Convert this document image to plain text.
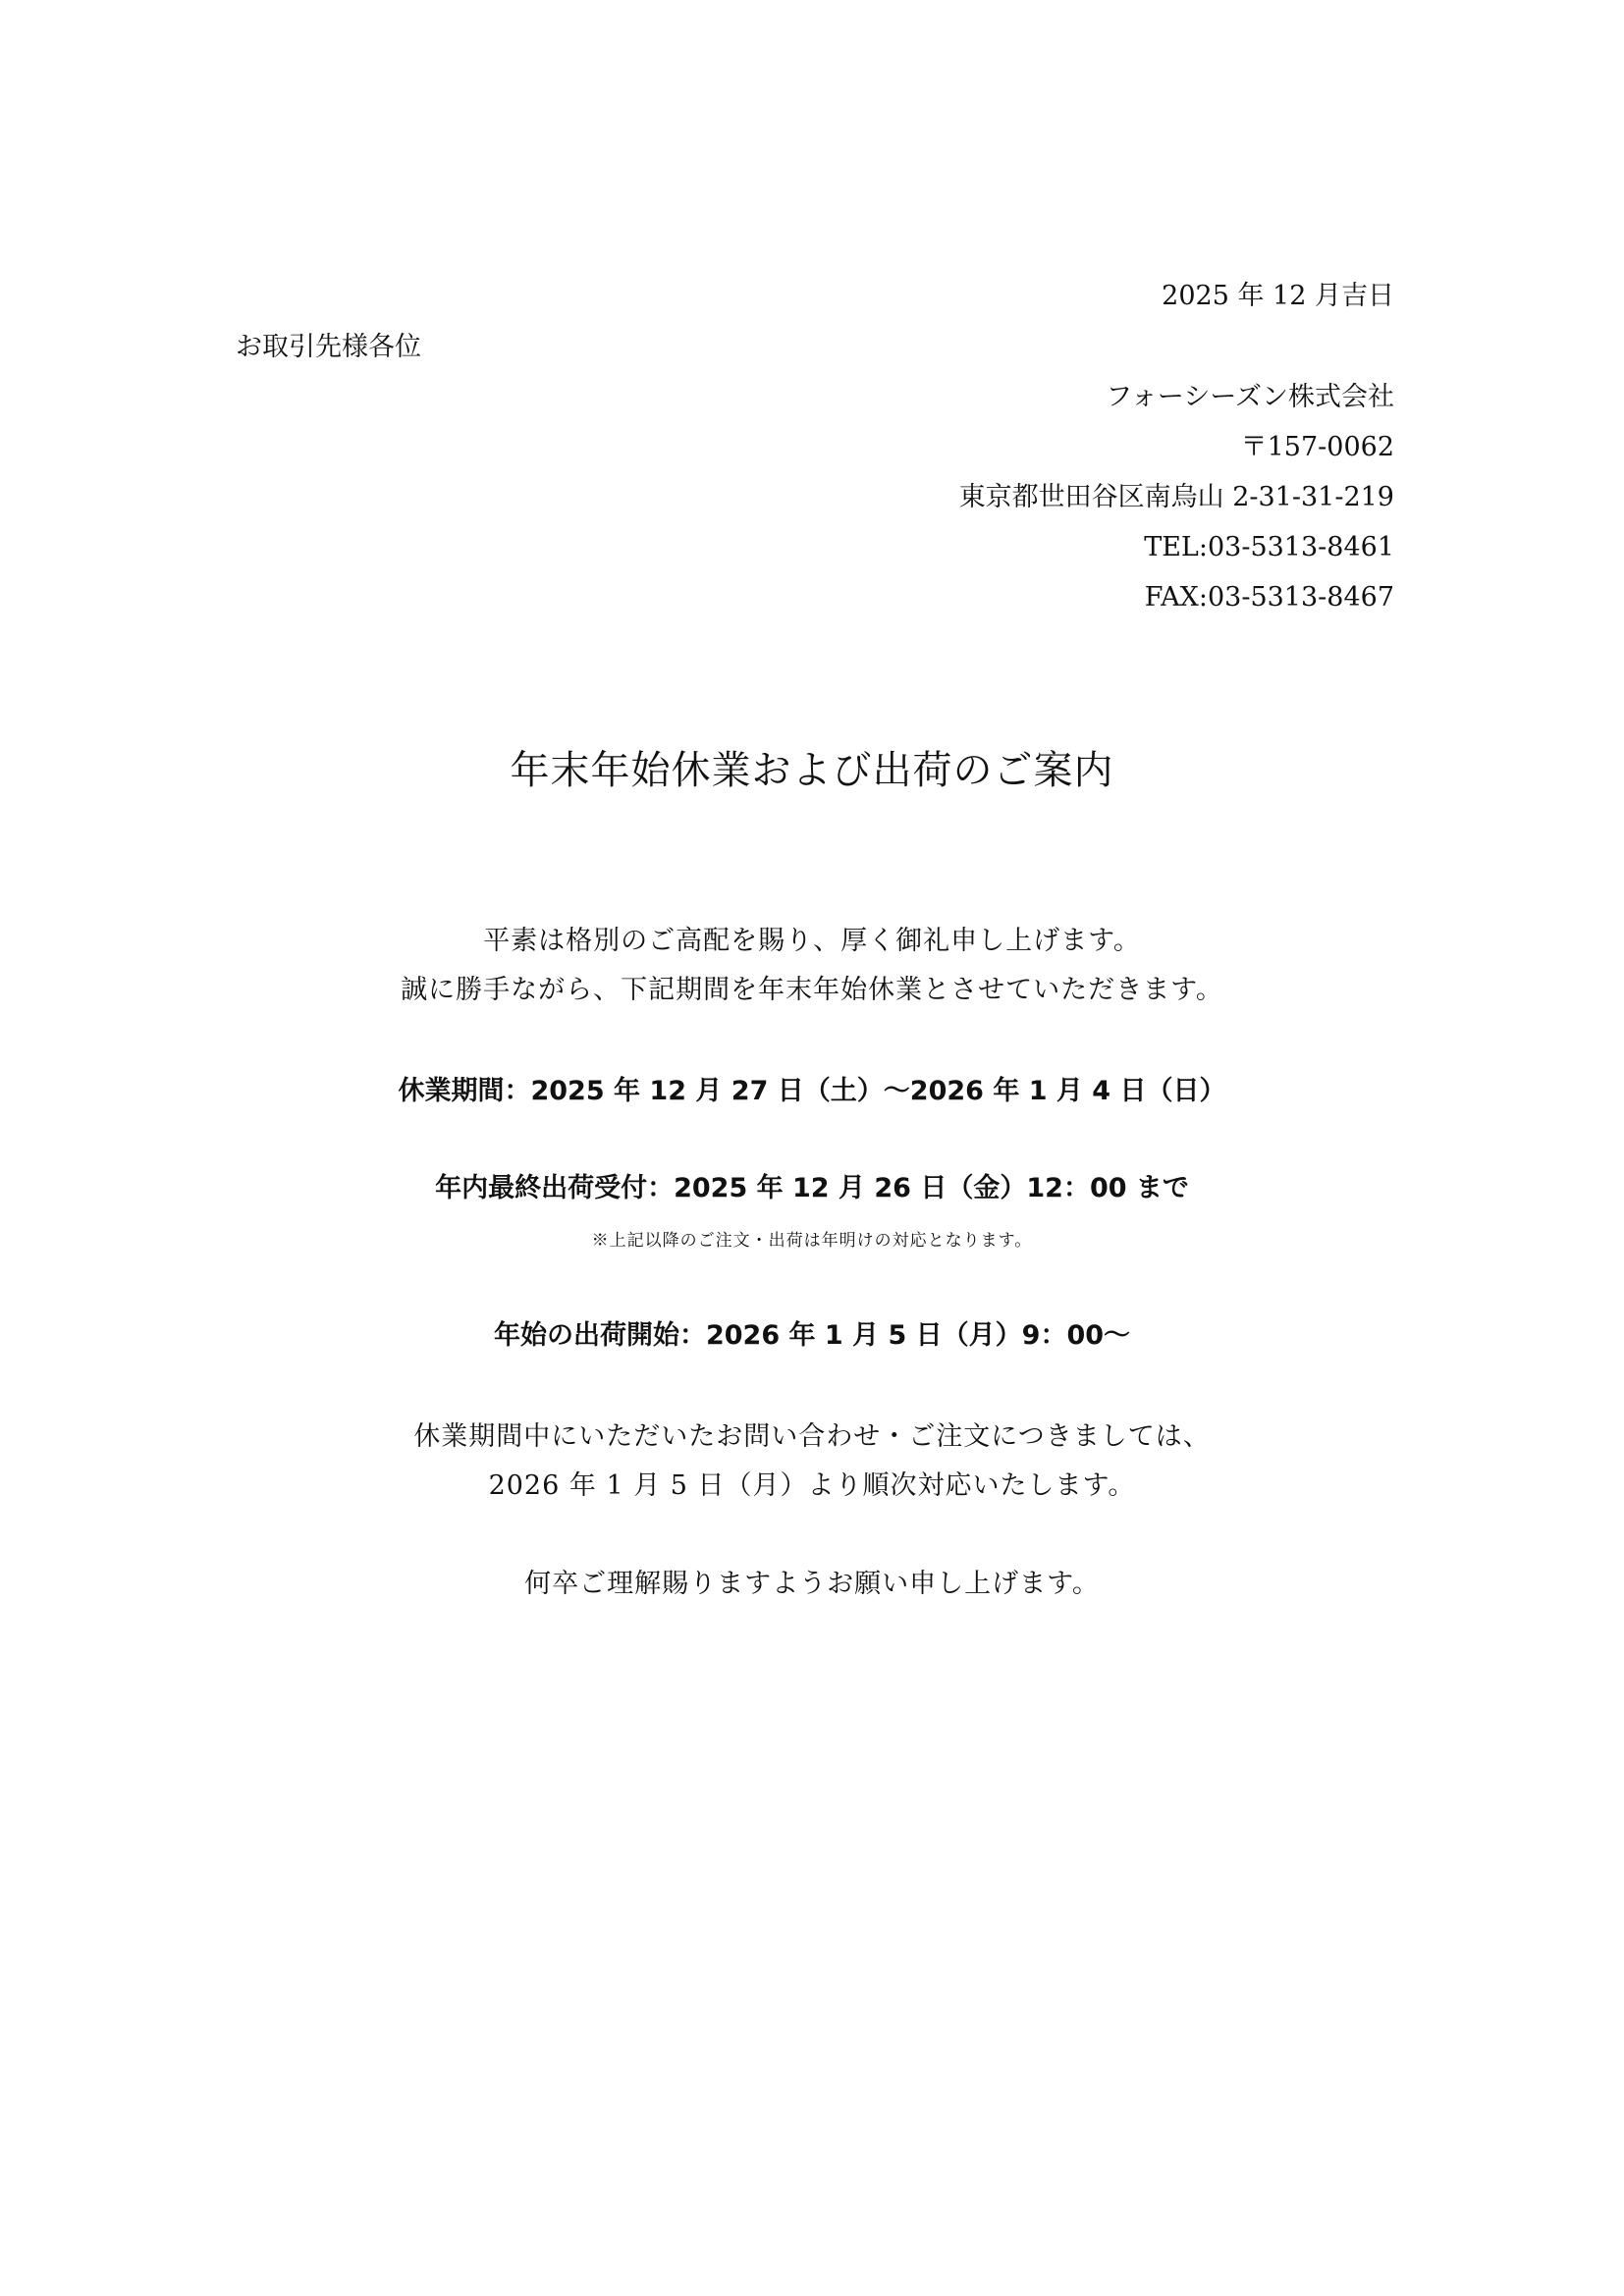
2025 年 12 月吉日
お取引先様各位
フォーシーズン株式会社
〒157-0062
東京都世田谷区南烏山 2-31-31-219
TEL:03-5313-8461
FAX:03-5313-8467
年末年始休業および出荷のご案内
平素は格別のご高配を賜り、厚く御礼申し上げます。
誠に勝手ながら、下記期間を年末年始休業とさせていただきます。
休業期間：2025 年 12 月 27 日（土）～2026 年 1 月 4 日（日）
年内最終出荷受付：2025 年 12 月 26 日（金）12：00 まで
※上記以降のご注文・出荷は年明けの対応となります。
年始の出荷開始：2026 年 1 月 5 日（月）9：00～
休業期間中にいただいたお問い合わせ・ご注文につきましては、
2026 年 1 月 5 日（月）より順次対応いたします。
何卒ご理解賜りますようお願い申し上げます。
